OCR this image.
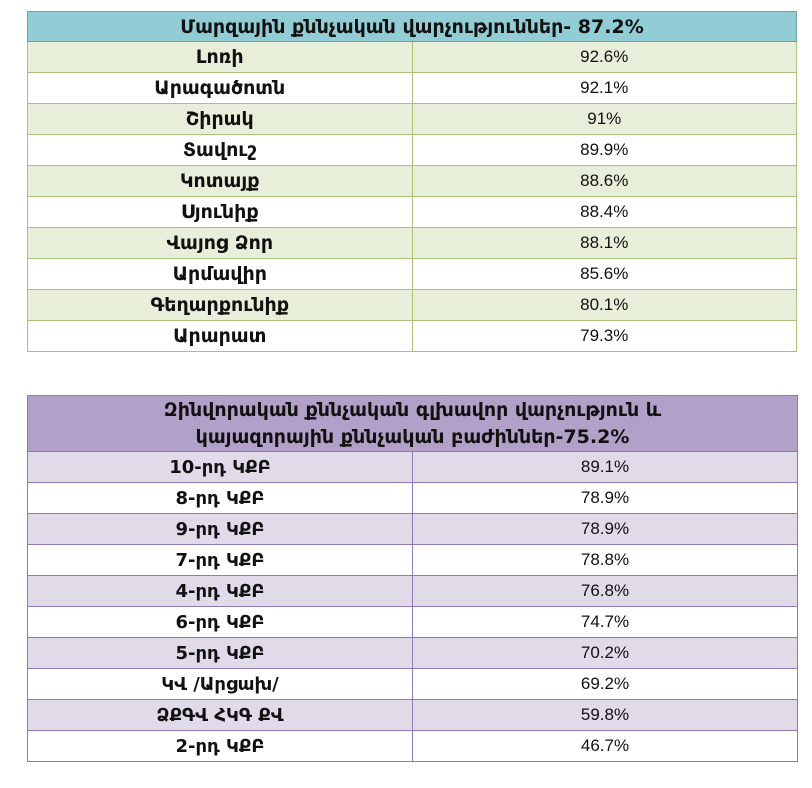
Մարզային քննչական վարչություններ- 87.2%	
Լոռի	92.6%
Արագածոտն	92.1%
Շիրակ	91%
Տավուշ	89.9%
Կոտայք	88.6%
Սյունիք	88.4%
Վայոց Ձոր	88.1%
Արմավիր	85.6%
Գեղարքունիք	80.1%
Արարատ	79.3%
Զինվորական քննչական գլխավոր վարչություն և
կայազորային քննչական բաժիններ-75.2%	

10-րդ ԿՔԲ	89.1%
8-րդ ԿՔԲ	78.9%
9-րդ ԿՔԲ	78.9%
7-րդ ԿՔԲ	78.8%
4-րդ ԿՔԲ	76.8%
6-րդ ԿՔԲ	74.7%
5-րդ ԿՔԲ	70.2%
ԿՎ /Արցախ/	69.2%
ՁՔԳՎ ՀԿԳ ՔՎ	59.8%
2-րդ ԿՔԲ	46.7%
